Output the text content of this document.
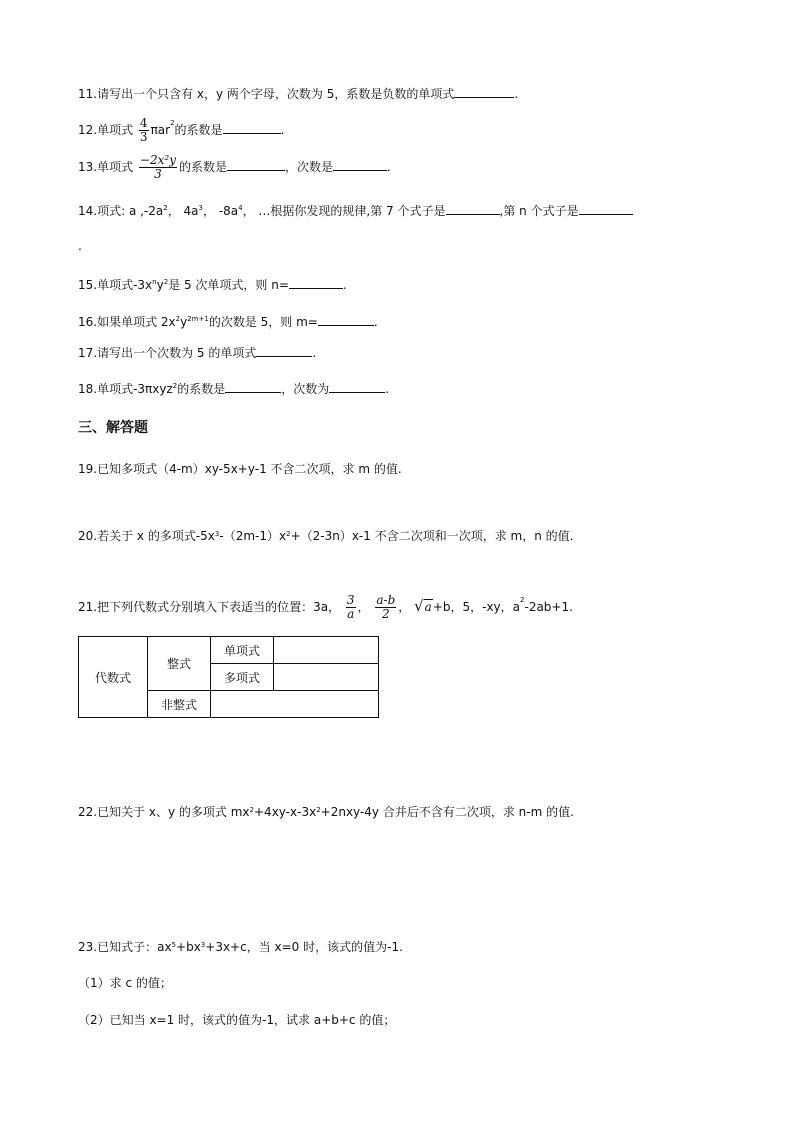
11.请写出一个只含有 x，y 两个字母，次数为 5，系数是负数的单项式	.
12.单项式 $\frac{4}{3} \pi ar^2$的系数是	.
13.单项式 $\frac{\text{−2x²y}}{3}$ 的系数是	，次数是	.
14.项式: a $,-2a^2$， $4a^3$， $-8a^4$， …根据你发现的规律,第 7 个式子是	,第 n 个式子是
.
15.单项式$-3x^ny^2$是 5 次单项式，则 n=	.
16.如果单项式 $2x^2y^{2m+1}$的次数是 5，则 m=	.
17.请写出一个次数为 5 的单项式	.
18.单项式-3πxyz$^2$的系数是	，次数为	.
三、解答题
19.已知多项式（4-m）xy-5x+y-1 不含二次项，求 m 的值.
20.若关于 x 的多项式$-5x^3-(2m-1)x^2+(2-3n)x-1$ 不含二次项和一次项，求 m，n 的值.
21.把下列代数式分别填入下表适当的位置：3a， $\frac{3}{a}$ ， $\frac{a-b}{2}$ ， √a+b，5，-xy，$a^2-2ab+1$.
代数式	整式	单项式	
		多项式	
	非整式		
22.已知关于 x、y 的多项式 $mx^2+4xy-x-3x^2+2nxy-4y$ 合并后不含有二次项，求 n-m 的值.
23.已知式子：$ax^5+bx^3+3x+c$，当 x=0 时，该式的值为-1.
（1）求 c 的值；
（2）已知当 x=1 时，该式的值为-1，试求 a+b+c 的值；
